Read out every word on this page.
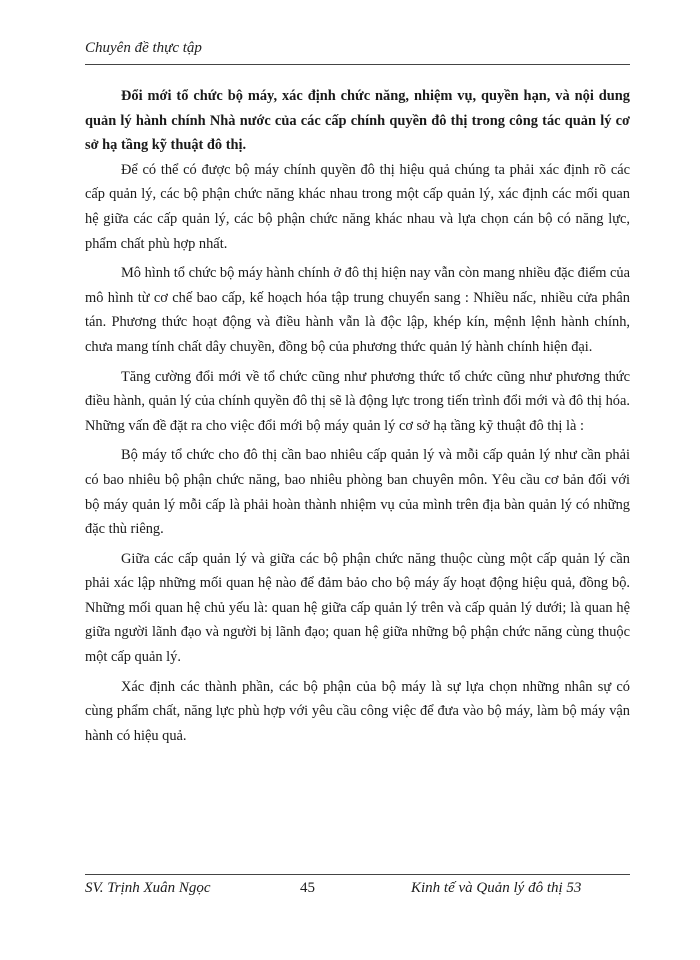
Chuyên đề thực tập

Đổi mới tổ chức bộ máy, xác định chức năng, nhiệm vụ, quyền hạn, và nội dung quản lý hành chính Nhà nước của các cấp chính quyền đô thị trong công tác quản lý cơ sở hạ tầng kỹ thuật đô thị.

Để có thể có được bộ máy chính quyền đô thị hiệu quả chúng ta phải xác định rõ các cấp quản lý, các bộ phận chức năng khác nhau trong một cấp quản lý, xác định các mối quan hệ giữa các cấp quản lý, các bộ phận chức năng khác nhau và lựa chọn cán bộ có năng lực, phẩm chất phù hợp nhất.

Mô hình tổ chức bộ máy hành chính ở đô thị hiện nay vẫn còn mang nhiều đặc điểm của mô hình từ cơ chế bao cấp, kế hoạch hóa tập trung chuyển sang : Nhiều nấc, nhiều cửa phân tán. Phương thức hoạt động và điều hành vẫn là độc lập, khép kín, mệnh lệnh hành chính, chưa mang tính chất dây chuyền, đồng bộ của phương thức quản lý hành chính hiện đại.

Tăng cường đổi mới về tổ chức cũng như phương thức tổ chức cũng như phương thức điều hành, quản lý của chính quyền đô thị sẽ là động lực trong tiến trình đổi mới và đô thị hóa. Những vấn đề đặt ra cho việc đổi mới bộ máy quản lý cơ sở hạ tầng kỹ thuật đô thị là :

Bộ máy tổ chức cho đô thị cần bao nhiêu cấp quản lý và mỗi cấp quản lý như cần phải có bao nhiêu bộ phận chức năng, bao nhiêu phòng ban chuyên môn. Yêu cầu cơ bản đối với bộ máy quản lý mỗi cấp là phải hoàn thành nhiệm vụ của mình trên địa bàn quản lý có những đặc thù riêng.

Giữa các cấp quản lý và giữa các bộ phận chức năng thuộc cùng một cấp quản lý cần phải xác lập những mối quan hệ nào để đảm bảo cho bộ máy ấy hoạt động hiệu quả, đồng bộ. Những mối quan hệ chủ yếu là: quan hệ giữa cấp quản lý trên và cấp quản lý dưới; là quan hệ giữa người lãnh đạo và người bị lãnh đạo; quan hệ giữa những bộ phận chức năng cùng thuộc một cấp quản lý.

Xác định các thành phần, các bộ phận của bộ máy là sự lựa chọn những nhân sự có cùng phẩm chất, năng lực phù hợp với yêu cầu công việc để đưa vào bộ máy, làm bộ máy vận hành có hiệu quả.

SV. Trịnh Xuân Ngọc	45	Kinh tế và Quản lý đô thị 53
